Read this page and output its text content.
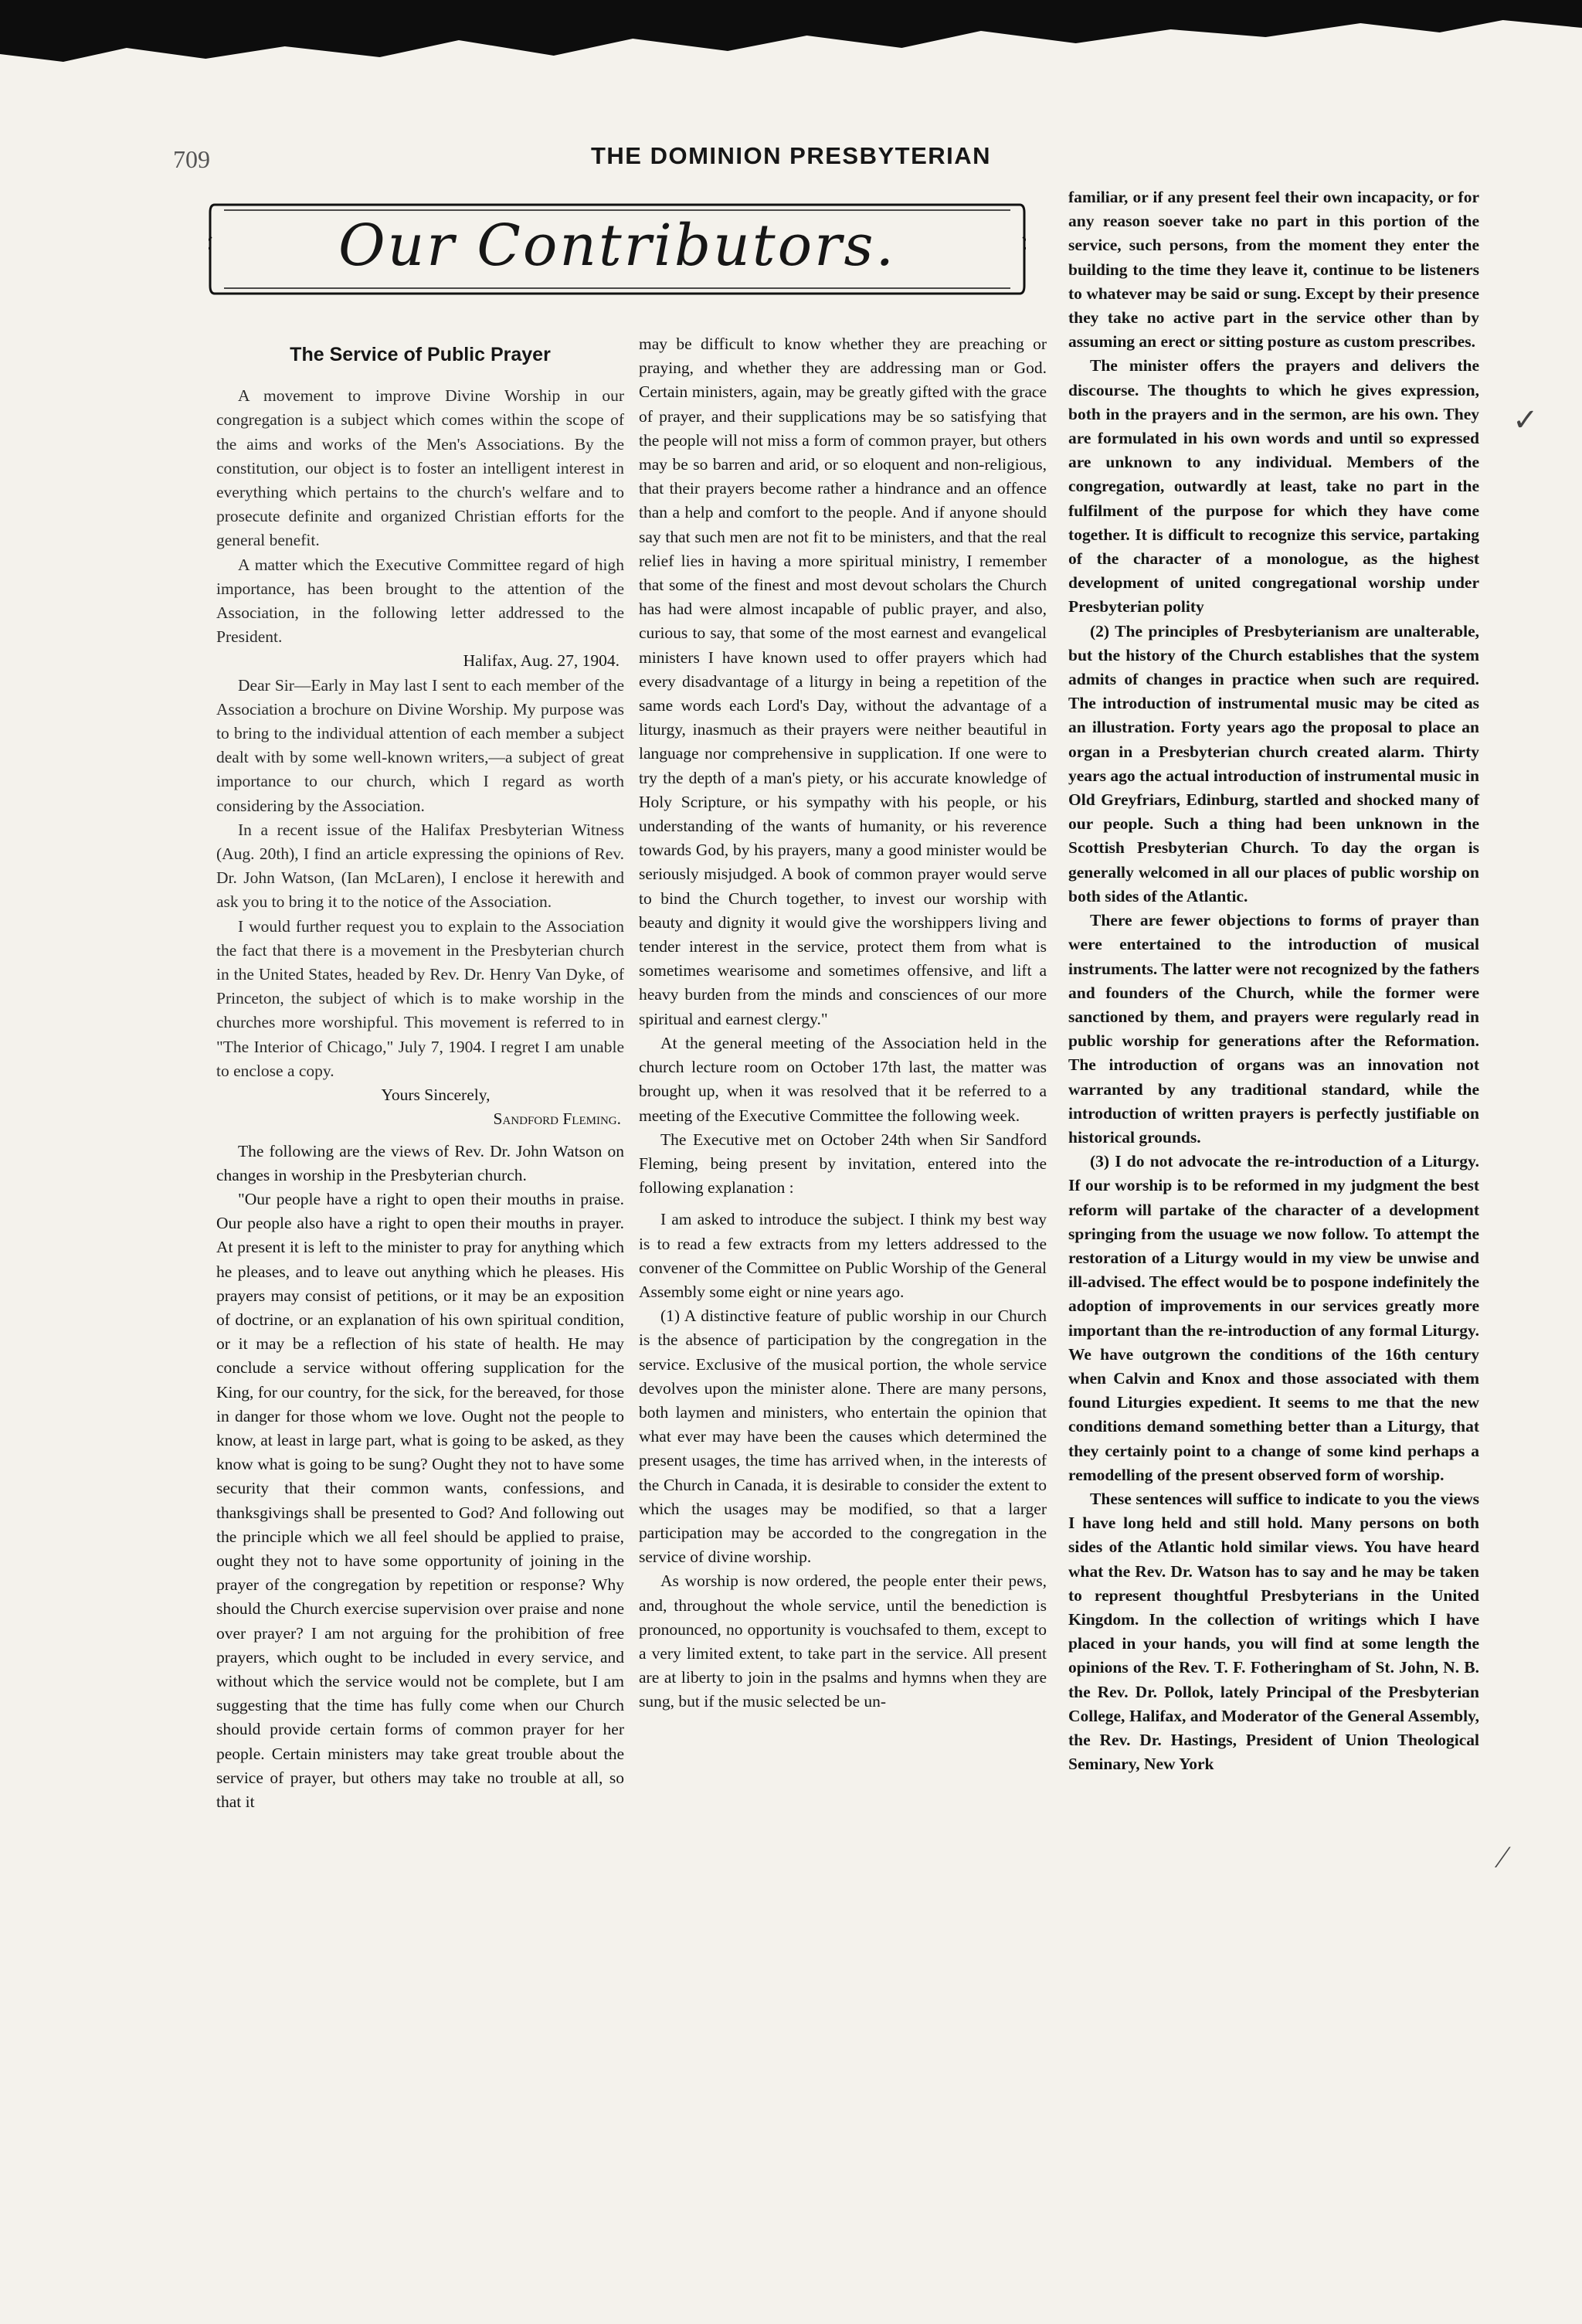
709	THE DOMINION PRESBYTERIAN
Our Contributors.
The Service of Public Prayer

A movement to improve Divine Worship in our congregation is a subject which comes within the scope of the aims and works of the Men's Associations. By the constitution, our object is to foster an intelligent interest in everything which pertains to the church's welfare and to prosecute definite and organized Christian efforts for the general benefit.

A matter which the Executive Committee regard of high importance, has been brought to the attention of the Association, in the following letter addressed to the President.

Halifax, Aug. 27, 1904.

Dear Sir—Early in May last I sent to each member of the Association a brochure on Divine Worship. My purpose was to bring to the individual attention of each member a subject dealt with by some well-known writers,—a subject of great importance to our church, which I regard as worth considering by the Association.

In a recent issue of the Halifax Presbyterian Witness (Aug. 20th), I find an article expressing the opinions of Rev. Dr. John Watson, (Ian McLaren), I enclose it herewith and ask you to bring it to the notice of the Association.

I would further request you to explain to the Association the fact that there is a movement in the Presbyterian church in the United States, headed by Rev. Dr. Henry Van Dyke, of Princeton, the subject of which is to make worship in the churches more worshipful. This movement is referred to in "The Interior of Chicago," July 7, 1904. I regret I am unable to enclose a copy.

Yours Sincerely,

Sandford Fleming.

The following are the views of Rev. Dr. John Watson on changes in worship in the Presbyterian church.

"Our people have a right to open their mouths in praise. Our people also have a right to open their mouths in prayer. At present it is left to the minister to pray for anything which he pleases, and to leave out anything which he pleases. His prayers may consist of petitions, or it may be an exposition of doctrine, or an explanation of his own spiritual condition, or it may be a reflection of his state of health. He may conclude a service without offering supplication for the King, for our country, for the sick, for the bereaved, for those in danger for those whom we love. Ought not the people to know, at least in large part, what is going to be asked, as they know what is going to be sung? Ought they not to have some security that their common wants, confessions, and thanksgivings shall be presented to God? And following out the principle which we all feel should be applied to praise, ought they not to have some opportunity of joining in the prayer of the congregation by repetition or response? Why should the Church exercise supervision over praise and none over prayer? I am not arguing for the prohibition of free prayers, which ought to be included in every service, and without which the service would not be complete, but I am suggesting that the time has fully come when our Church should provide certain forms of common prayer for her people. Certain ministers may take great trouble about the service of prayer, but others may take no trouble at all, so that it

may be difficult to know whether they are preaching or praying, and whether they are addressing man or God. Certain ministers, again, may be greatly gifted with the grace of prayer, and their supplications may be so satisfying that the people will not miss a form of common prayer, but others may be so barren and arid, or so eloquent and non-religious, that their prayers become rather a hindrance and an offence than a help and comfort to the people. And if anyone should say that such men are not fit to be ministers, and that the real relief lies in having a more spiritual ministry, I remember that some of the finest and most devout scholars the Church has had were almost incapable of public prayer, and also, curious to say, that some of the most earnest and evangelical ministers I have known used to offer prayers which had every disadvantage of a liturgy in being a repetition of the same words each Lord's Day, without the advantage of a liturgy, inasmuch as their prayers were neither beautiful in language nor comprehensive in supplication. If one were to try the depth of a man's piety, or his accurate knowledge of Holy Scripture, or his sympathy with his people, or his understanding of the wants of humanity, or his reverence towards God, by his prayers, many a good minister would be seriously misjudged. A book of common prayer would serve to bind the Church together, to invest our worship with beauty and dignity it would give the worshippers living and tender interest in the service, protect them from what is sometimes wearisome and sometimes offensive, and lift a heavy burden from the minds and consciences of our more spiritual and earnest clergy."

At the general meeting of the Association held in the church lecture room on October 17th last, the matter was brought up, when it was resolved that it be referred to a meeting of the Executive Committee the following week.

The Executive met on October 24th when Sir Sandford Fleming, being present by invitation, entered into the following explanation :

I am asked to introduce the subject. I think my best way is to read a few extracts from my letters addressed to the convener of the Committee on Public Worship of the General Assembly some eight or nine years ago.

(1) A distinctive feature of public worship in our Church is the absence of participation by the congregation in the service. Exclusive of the musical portion, the whole service devolves upon the minister alone. There are many persons, both laymen and ministers, who entertain the opinion that what ever may have been the causes which determined the present usages, the time has arrived when, in the interests of the Church in Canada, it is desirable to consider the extent to which the usages may be modified, so that a larger participation may be accorded to the congregation in the service of divine worship.

As worship is now ordered, the people enter their pews, and, throughout the whole service, until the benediction is pronounced, no opportunity is vouchsafed to them, except to a very limited extent, to take part in the service. All present are at liberty to join in the psalms and hymns when they are sung, but if the music selected be un-

familiar, or if any present feel their own incapacity, or for any reason soever take no part in this portion of the service, such persons, from the moment they enter the building to the time they leave it, continue to be listeners to whatever may be said or sung. Except by their presence they take no active part in the service other than by assuming an erect or sitting posture as custom prescribes.

The minister offers the prayers and delivers the discourse. The thoughts to which he gives expression, both in the prayers and in the sermon, are his own. They are formulated in his own words and until so expressed are unknown to any individual. Members of the congregation, outwardly at least, take no part in the fulfilment of the purpose for which they have come together. It is difficult to recognize this service, partaking of the character of a monologue, as the highest development of united congregational worship under Presbyterian polity

(2) The principles of Presbyterianism are unalterable, but the history of the Church establishes that the system admits of changes in practice when such are required. The introduction of instrumental music may be cited as an illustration. Forty years ago the proposal to place an organ in a Presbyterian church created alarm. Thirty years ago the actual introduction of instrumental music in Old Greyfriars, Edinburg, startled and shocked many of our people. Such a thing had been unknown in the Scottish Presbyterian Church. To day the organ is generally welcomed in all our places of public worship on both sides of the Atlantic.

There are fewer objections to forms of prayer than were entertained to the introduction of musical instruments. The latter were not recognized by the fathers and founders of the Church, while the former were sanctioned by them, and prayers were regularly read in public worship for generations after the Reformation. The introduction of organs was an innovation not warranted by any traditional standard, while the introduction of written prayers is perfectly justifiable on historical grounds.

(3) I do not advocate the re-introduction of a Liturgy. If our worship is to be reformed in my judgment the best reform will partake of the character of a development springing from the usuage we now follow. To attempt the restoration of a Liturgy would in my view be unwise and ill-advised. The effect would be to pospone indefinitely the adoption of improvements in our services greatly more important than the re-introduction of any formal Liturgy. We have outgrown the conditions of the 16th century when Calvin and Knox and those associated with them found Liturgies expedient. It seems to me that the new conditions demand something better than a Liturgy, that they certainly point to a change of some kind perhaps a remodelling of the present observed form of worship.

These sentences will suffice to indicate to you the views I have long held and still hold. Many persons on both sides of the Atlantic hold similar views. You have heard what the Rev. Dr. Watson has to say and he may be taken to represent thoughtful Presbyterians in the United Kingdom. In the collection of writings which I have placed in your hands, you will find at some length the opinions of the Rev. T. F. Fotheringham of St. John, N. B. the Rev. Dr. Pollok, lately Principal of the Presbyterian College, Halifax, and Moderator of the General Assembly, the Rev. Dr. Hastings, President of Union Theological Seminary, New York

✓
⁄
